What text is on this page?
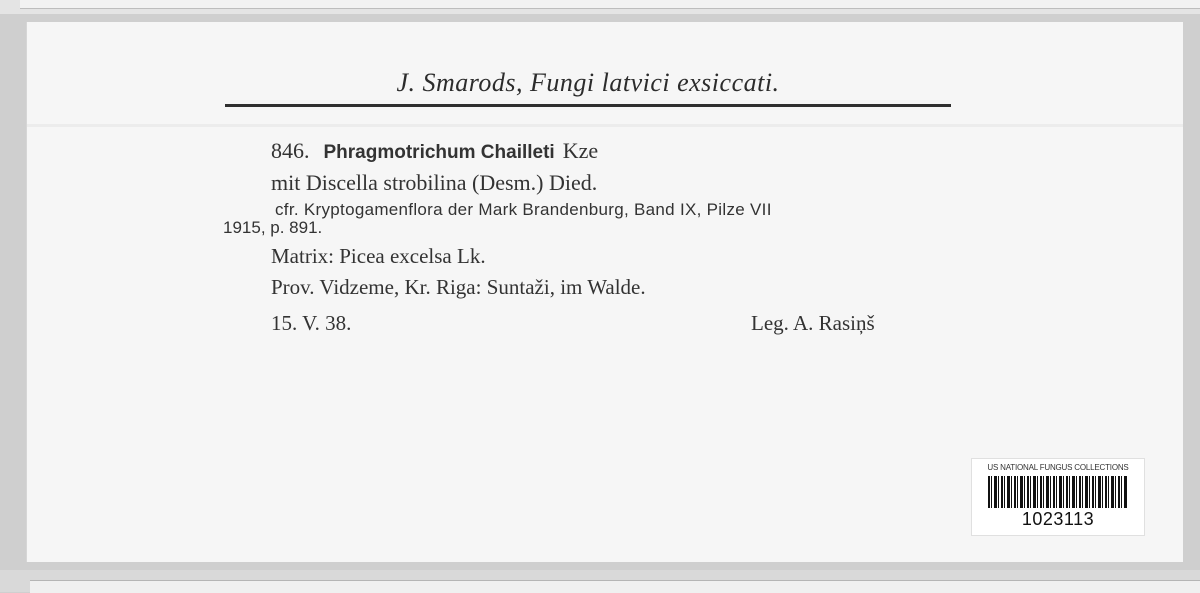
J. Smarods, Fungi latvici exsiccati.
846. Phragmotrichum Chailleti Kze
mit Discella strobilina (Desm.) Died.
cfr. Kryptogamenflora der Mark Brandenburg, Band IX, Pilze VII
1915, p. 891.
Matrix: Picea excelsa Lk.
Prov. Vidzeme, Kr. Riga: Suntaži, im Walde.
15. V. 38.	Leg. A. Rasiņš
US NATIONAL FUNGUS COLLECTIONS
1023113
